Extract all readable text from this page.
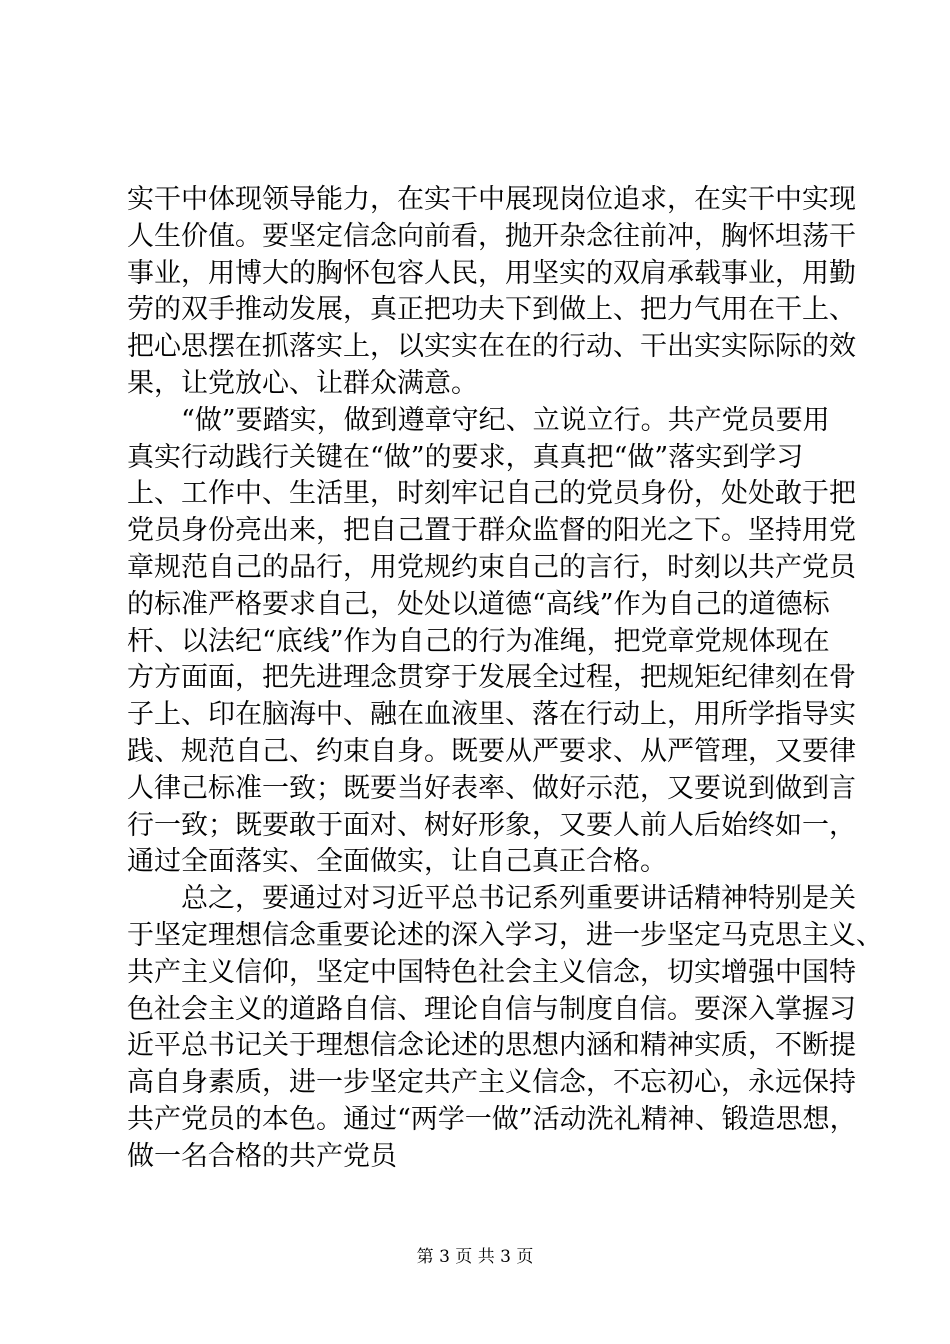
实干中体现领导能力，在实干中展现岗位追求，在实干中实现
人生价值。要坚定信念向前看，抛开杂念往前冲，胸怀坦荡干
事业，用博大的胸怀包容人民，用坚实的双肩承载事业，用勤
劳的双手推动发展，真正把功夫下到做上、把力气用在干上、
把心思摆在抓落实上，以实实在在的行动、干出实实际际的效
果，让党放心、让群众满意。
　　“做”要踏实，做到遵章守纪、立说立行。共产党员要用
真实行动践行关键在“做”的要求，真真把“做”落实到学习
上、工作中、生活里，时刻牢记自己的党员身份，处处敢于把
党员身份亮出来，把自己置于群众监督的阳光之下。坚持用党
章规范自己的品行，用党规约束自己的言行，时刻以共产党员
的标准严格要求自己，处处以道德“高线”作为自己的道德标
杆、以法纪“底线”作为自己的行为准绳，把党章党规体现在
方方面面，把先进理念贯穿于发展全过程，把规矩纪律刻在骨
子上、印在脑海中、融在血液里、落在行动上，用所学指导实
践、规范自己、约束自身。既要从严要求、从严管理，又要律
人律己标准一致；既要当好表率、做好示范，又要说到做到言
行一致；既要敢于面对、树好形象，又要人前人后始终如一，
通过全面落实、全面做实，让自己真正合格。
　　总之，要通过对习近平总书记系列重要讲话精神特别是关
于坚定理想信念重要论述的深入学习，进一步坚定马克思主义、
共产主义信仰，坚定中国特色社会主义信念，切实增强中国特
色社会主义的道路自信、理论自信与制度自信。要深入掌握习
近平总书记关于理想信念论述的思想内涵和精神实质，不断提
高自身素质，进一步坚定共产主义信念，不忘初心，永远保持
共产党员的本色。通过“两学一做”活动洗礼精神、锻造思想，
做一名合格的共产党员
第 3 页 共 3 页
